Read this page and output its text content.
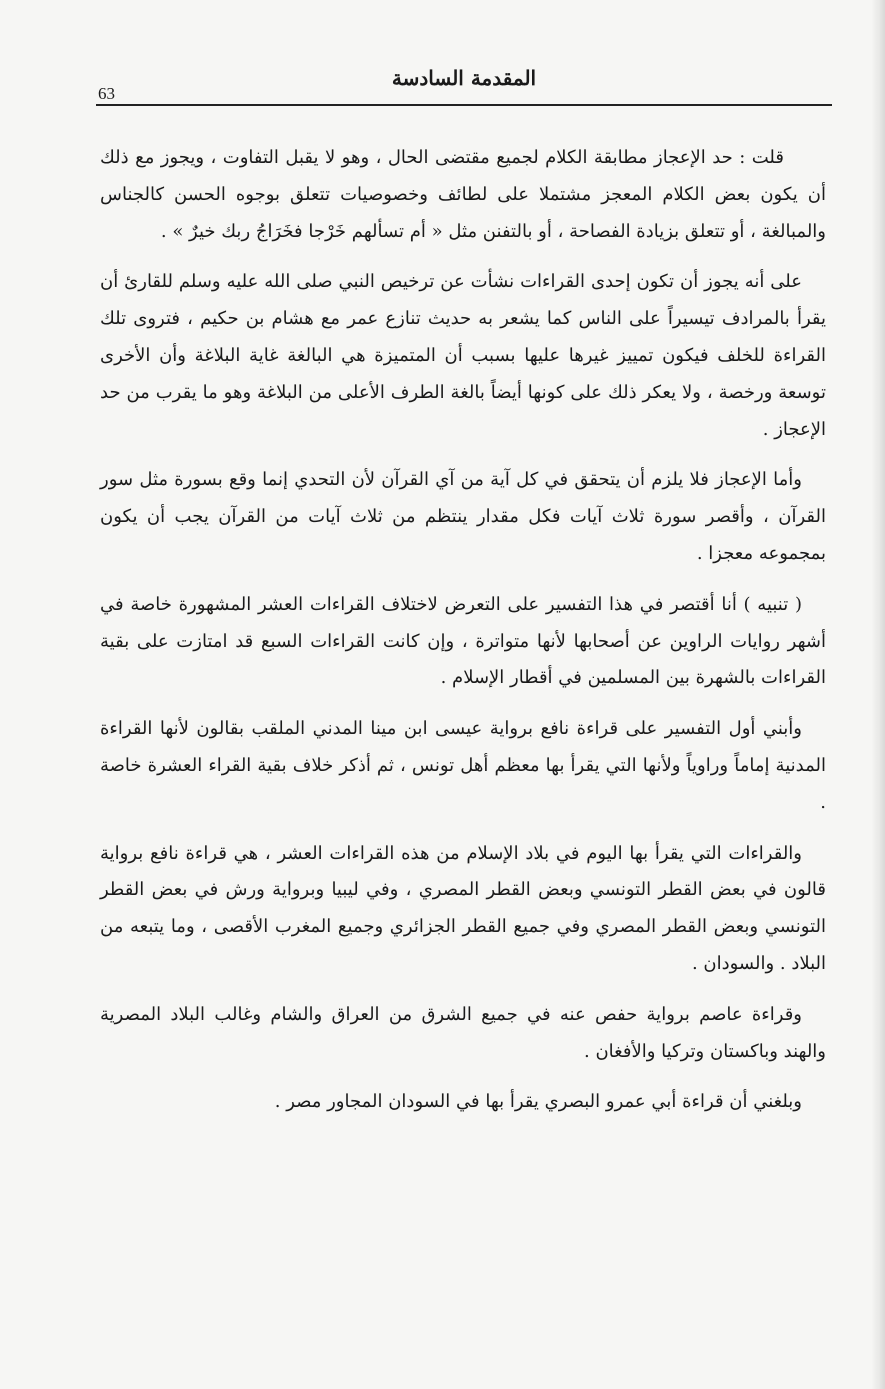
63
المقدمة السادسة

قلت : حد الإعجاز مطابقة الكلام لجميع مقتضى الحال ، وهو لا يقبل التفاوت ، ويجوز مع ذلك أن يكون بعض الكلام المعجز مشتملا على لطائف وخصوصيات تتعلق بوجوه الحسن كالجناس والمبالغة ، أو تتعلق بزيادة الفصاحة ، أو بالتفنن مثل « أم تسألهم خَرْجا فخَرَاجُ ربك خيرٌ » .

على أنه يجوز أن تكون إحدى القراءات نشأت عن ترخيص النبي صلى الله عليه وسلم للقارئ أن يقرأ بالمرادف تيسيراً على الناس كما يشعر به حديث تنازع عمر مع هشام بن حكيم ، فتروى تلك القراءة للخلف فيكون تمييز غيرها عليها بسبب أن المتميزة هي البالغة غاية البلاغة وأن الأخرى توسعة ورخصة ، ولا يعكر ذلك على كونها أيضاً بالغة الطرف الأعلى من البلاغة وهو ما يقرب من حد الإعجاز .

وأما الإعجاز فلا يلزم أن يتحقق في كل آية من آي القرآن لأن التحدي إنما وقع بسورة مثل سور القرآن ، وأقصر سورة ثلاث آيات فكل مقدار ينتظم من ثلاث آيات من القرآن يجب أن يكون بمجموعه معجزا .

( تنبيه ) أنا أقتصر في هذا التفسير على التعرض لاختلاف القراءات العشر المشهورة خاصة في أشهر روايات الراوين عن أصحابها لأنها متواترة ، وإن كانت القراءات السبع قد امتازت على بقية القراءات بالشهرة بين المسلمين في أقطار الإسلام .

وأبني أول التفسير على قراءة نافع برواية عيسى ابن مينا المدني الملقب بقالون لأنها القراءة المدنية إماماً وراوياً ولأنها التي يقرأ بها معظم أهل تونس ، ثم أذكر خلاف بقية القراء العشرة خاصة .

والقراءات التي يقرأ بها اليوم في بلاد الإسلام من هذه القراءات العشر ، هي قراءة نافع برواية قالون في بعض القطر التونسي وبعض القطر المصري ، وفي ليبيا وبرواية ورش في بعض القطر التونسي وبعض القطر المصري وفي جميع القطر الجزائري وجميع المغرب الأقصى ، وما يتبعه من البلاد . والسودان .

وقراءة عاصم برواية حفص عنه في جميع الشرق من العراق والشام وغالب البلاد المصرية والهند وباكستان وتركيا والأفغان .

وبلغني أن قراءة أبي عمرو البصري يقرأ بها في السودان المجاور مصر .
